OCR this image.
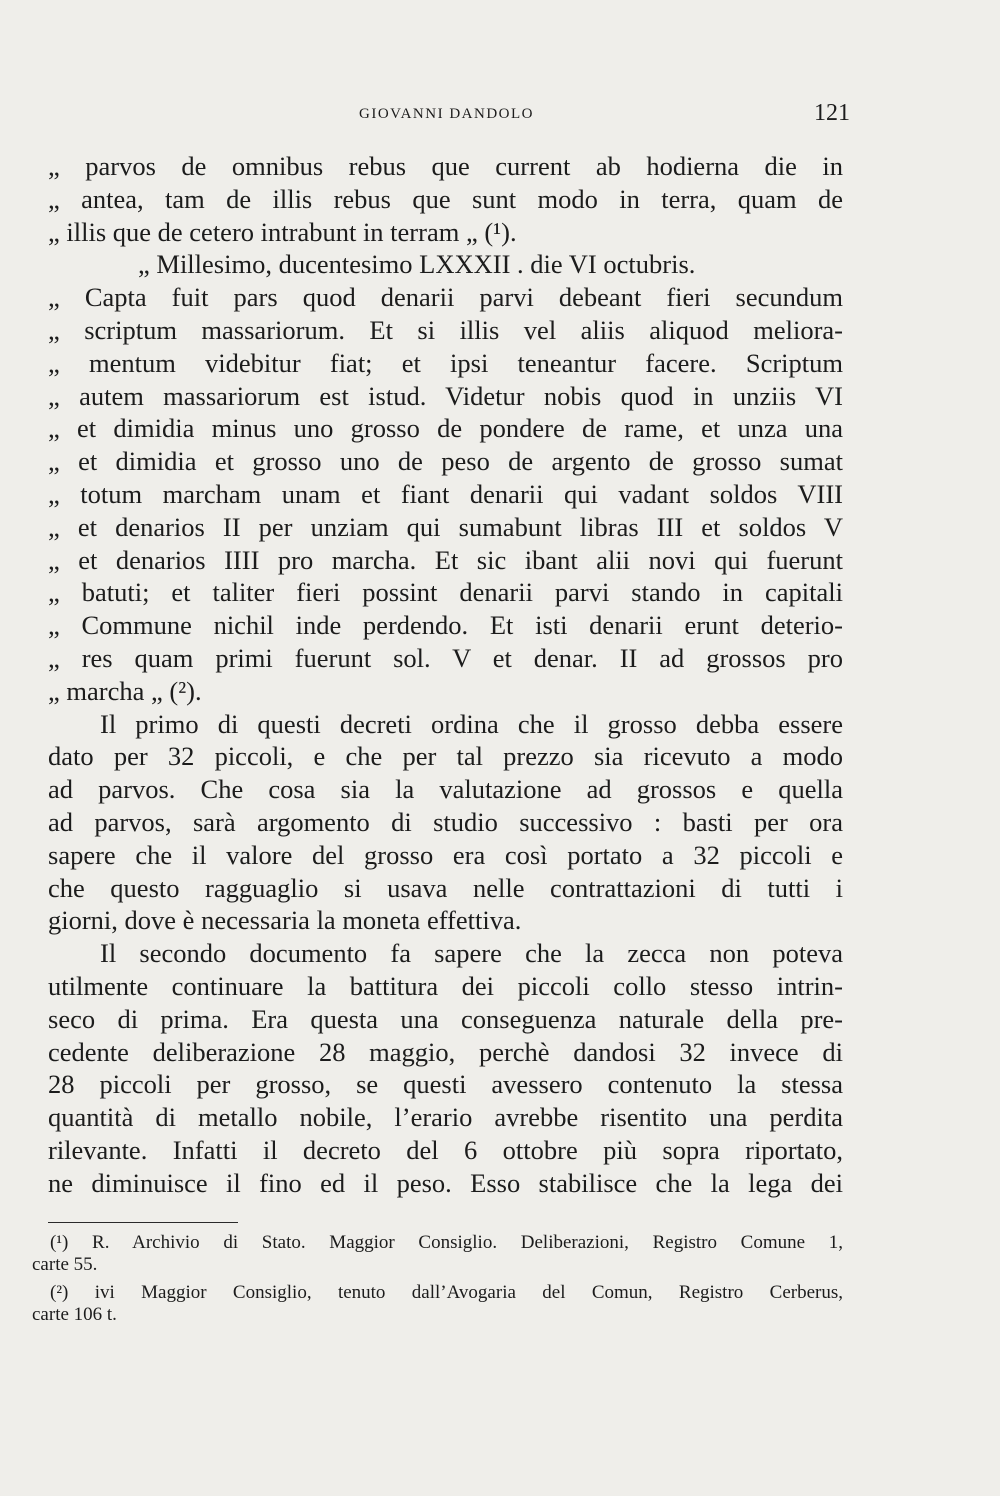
GIOVANNI DANDOLO	121
„ parvos de omnibus rebus que current ab hodierna die in
„ antea, tam de illis rebus que sunt modo in terra, quam de
„ illis que de cetero intrabunt in terram „ (¹).
„ Millesimo, ducentesimo LXXXII . die VI octubris.
„ Capta fuit pars quod denarii parvi debeant fieri secundum
„ scriptum massariorum. Et si illis vel aliis aliquod meliora-
„ mentum videbitur fiat; et ipsi teneantur facere. Scriptum
„ autem massariorum est istud. Videtur nobis quod in unziis VI
„ et dimidia minus uno grosso de pondere de rame, et unza una
„ et dimidia et grosso uno de peso de argento de grosso sumat
„ totum marcham unam et fiant denarii qui vadant soldos VIII
„ et denarios II per unziam qui sumabunt libras III et soldos V
„ et denarios IIII pro marcha. Et sic ibant alii novi qui fuerunt
„ batuti; et taliter fieri possint denarii parvi stando in capitali
„ Commune nichil inde perdendo. Et isti denarii erunt deterio-
„ res quam primi fuerunt sol. V et denar. II ad grossos pro
„ marcha „ (²).
Il primo di questi decreti ordina che il grosso debba essere
dato per 32 piccoli, e che per tal prezzo sia ricevuto a modo
ad parvos. Che cosa sia la valutazione ad grossos e quella
ad parvos, sarà argomento di studio successivo : basti per ora
sapere che il valore del grosso era così portato a 32 piccoli e
che questo ragguaglio si usava nelle contrattazioni di tutti i
giorni, dove è necessaria la moneta effettiva.
Il secondo documento fa sapere che la zecca non poteva
utilmente continuare la battitura dei piccoli collo stesso intrin-
seco di prima. Era questa una conseguenza naturale della pre-
cedente deliberazione 28 maggio, perchè dandosi 32 invece di
28 piccoli per grosso, se questi avessero contenuto la stessa
quantità di metallo nobile, l’erario avrebbe risentito una perdita
rilevante. Infatti il decreto del 6 ottobre più sopra riportato,
ne diminuisce il fino ed il peso. Esso stabilisce che la lega dei
(¹) R. Archivio di Stato. Maggior Consiglio. Deliberazioni, Registro Comune 1,
carte 55.
(²) ivi Maggior Consiglio, tenuto dall’Avogaria del Comun, Registro Cerberus,
carte 106 t.
